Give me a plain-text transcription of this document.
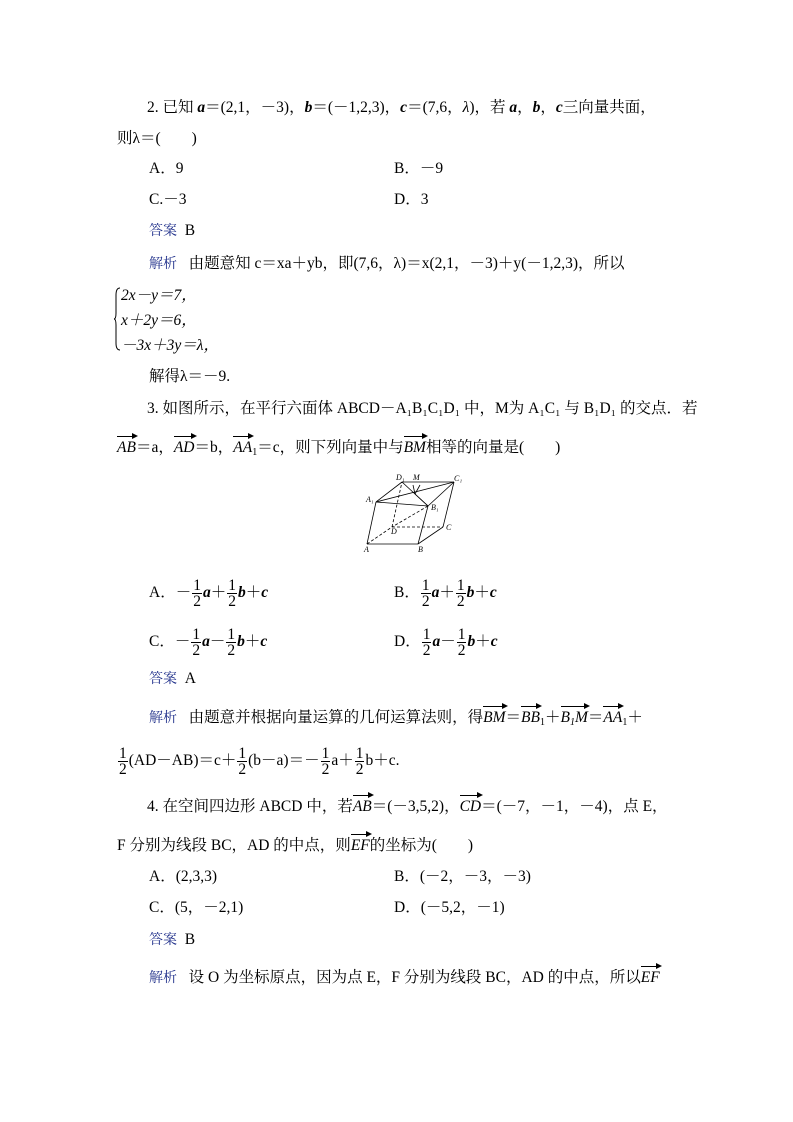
2. 已知 a＝(2,1，－3)，b＝(－1,2,3)，c＝(7,6，λ)，若 a，b，c三向量共面，
则λ＝(　　)
A．9	B．－9
C.－3	D．3
答案 B
解析 由题意知 c＝xa＋yb，即(7,6，λ)＝x(2,1，－3)＋y(－1,2,3)，所以
2x－y＝7，
x＋2y＝6，
－3x＋3y＝λ，
解得λ＝－9.
3. 如图所示，在平行六面体 ABCD－A₁B₁C₁D₁ 中，M为 A₁C₁ 与 B₁D₁ 的交点．若
AB＝a，AD＝b，$AA_1=c$，则下列向量中与BM相等的向量是(　　)
D₁ M	C₁
A₁
B₁
D	C
A	B
A．－ $\frac{1}{2} a+ \frac{1}{2} b+c$	B． $\frac{1}{2} a+ \frac{1}{2} b+c$
C．－ $\frac{1}{2} a- \frac{1}{2} b+c$	D． $\frac{1}{2} a- \frac{1}{2} b+c$
答案 A
解析 由题意并根据向量运算的几何运算法则，得$BM=BB_1+B_1M=AA_1+$
$\frac{1}{2} (AD-AB)=c+ \frac{1}{2} (b-a)=- \frac{1}{2} a+ \frac{1}{2} b+c$.
4. 在空间四边形 ABCD 中，若AB＝(－3,5,2)，CD＝(－7，－1，－4)，点 E，
F 分别为线段 BC，AD 的中点，则EF的坐标为(　　)
A．(2,3,3)	B．(－2，－3，－3)
C．(5，－2,1)	D．(－5,2，－1)
答案 B
解析 设 O 为坐标原点，因为点 E，F 分别为线段 BC，AD 的中点，所以EF
